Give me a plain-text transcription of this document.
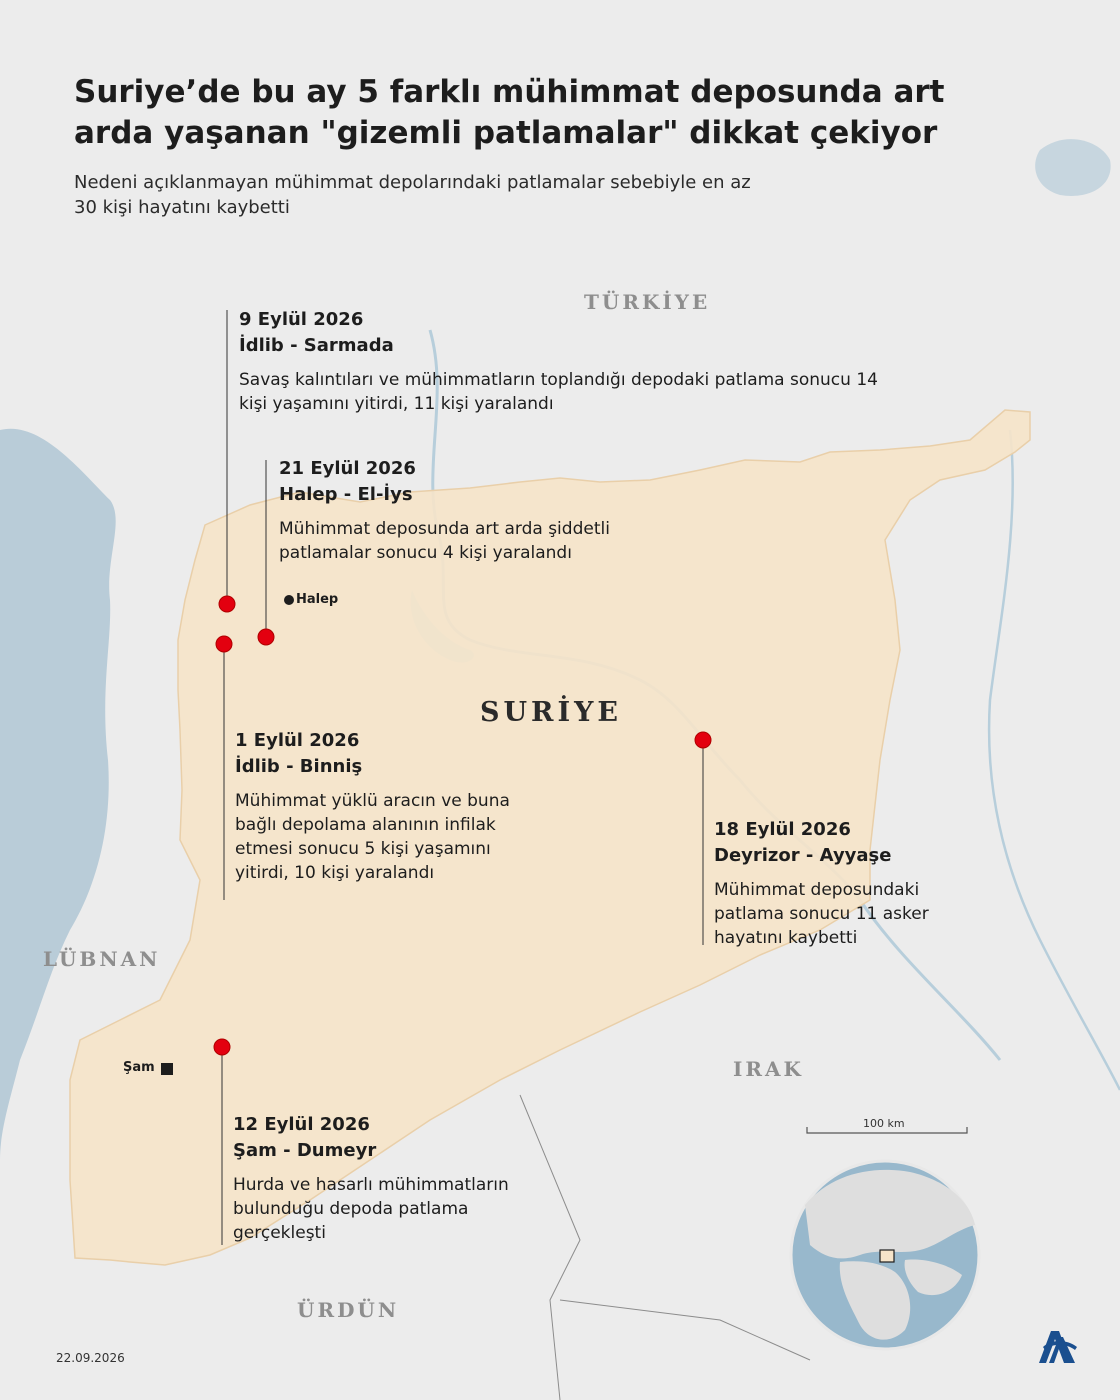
Suriye’de bu ay 5 farklı mühimmat deposunda art arda yaşanan "gizemli patlamalar" dikkat çekiyor
Nedeni açıklanmayan mühimmat depolarındaki patlamalar sebebiyle en az 30 kişi hayatını kaybetti
TÜRKİYE
SURİYE
LÜBNAN
IRAK
ÜRDÜN
Halep
Şam
9 Eylül 2026
İdlib - Sarmada
Savaş kalıntıları ve mühimmatların toplandığı depodaki patlama sonucu 14 kişi yaşamını yitirdi, 11 kişi yaralandı
21 Eylül 2026
Halep - El-İys
Mühimmat deposunda art arda şiddetli patlamalar sonucu 4 kişi yaralandı
1 Eylül 2026
İdlib - Binniş
Mühimmat yüklü aracın ve buna bağlı depolama alanının infilak etmesi sonucu 5 kişi yaşamını yitirdi, 10 kişi yaralandı
18 Eylül 2026
Deyrizor - Ayyaşe
Mühimmat deposundaki patlama sonucu 11 asker hayatını kaybetti
12 Eylül 2026
Şam - Dumeyr
Hurda ve hasarlı mühimmatların bulunduğu depoda patlama gerçekleşti
100 km
22.09.2026
